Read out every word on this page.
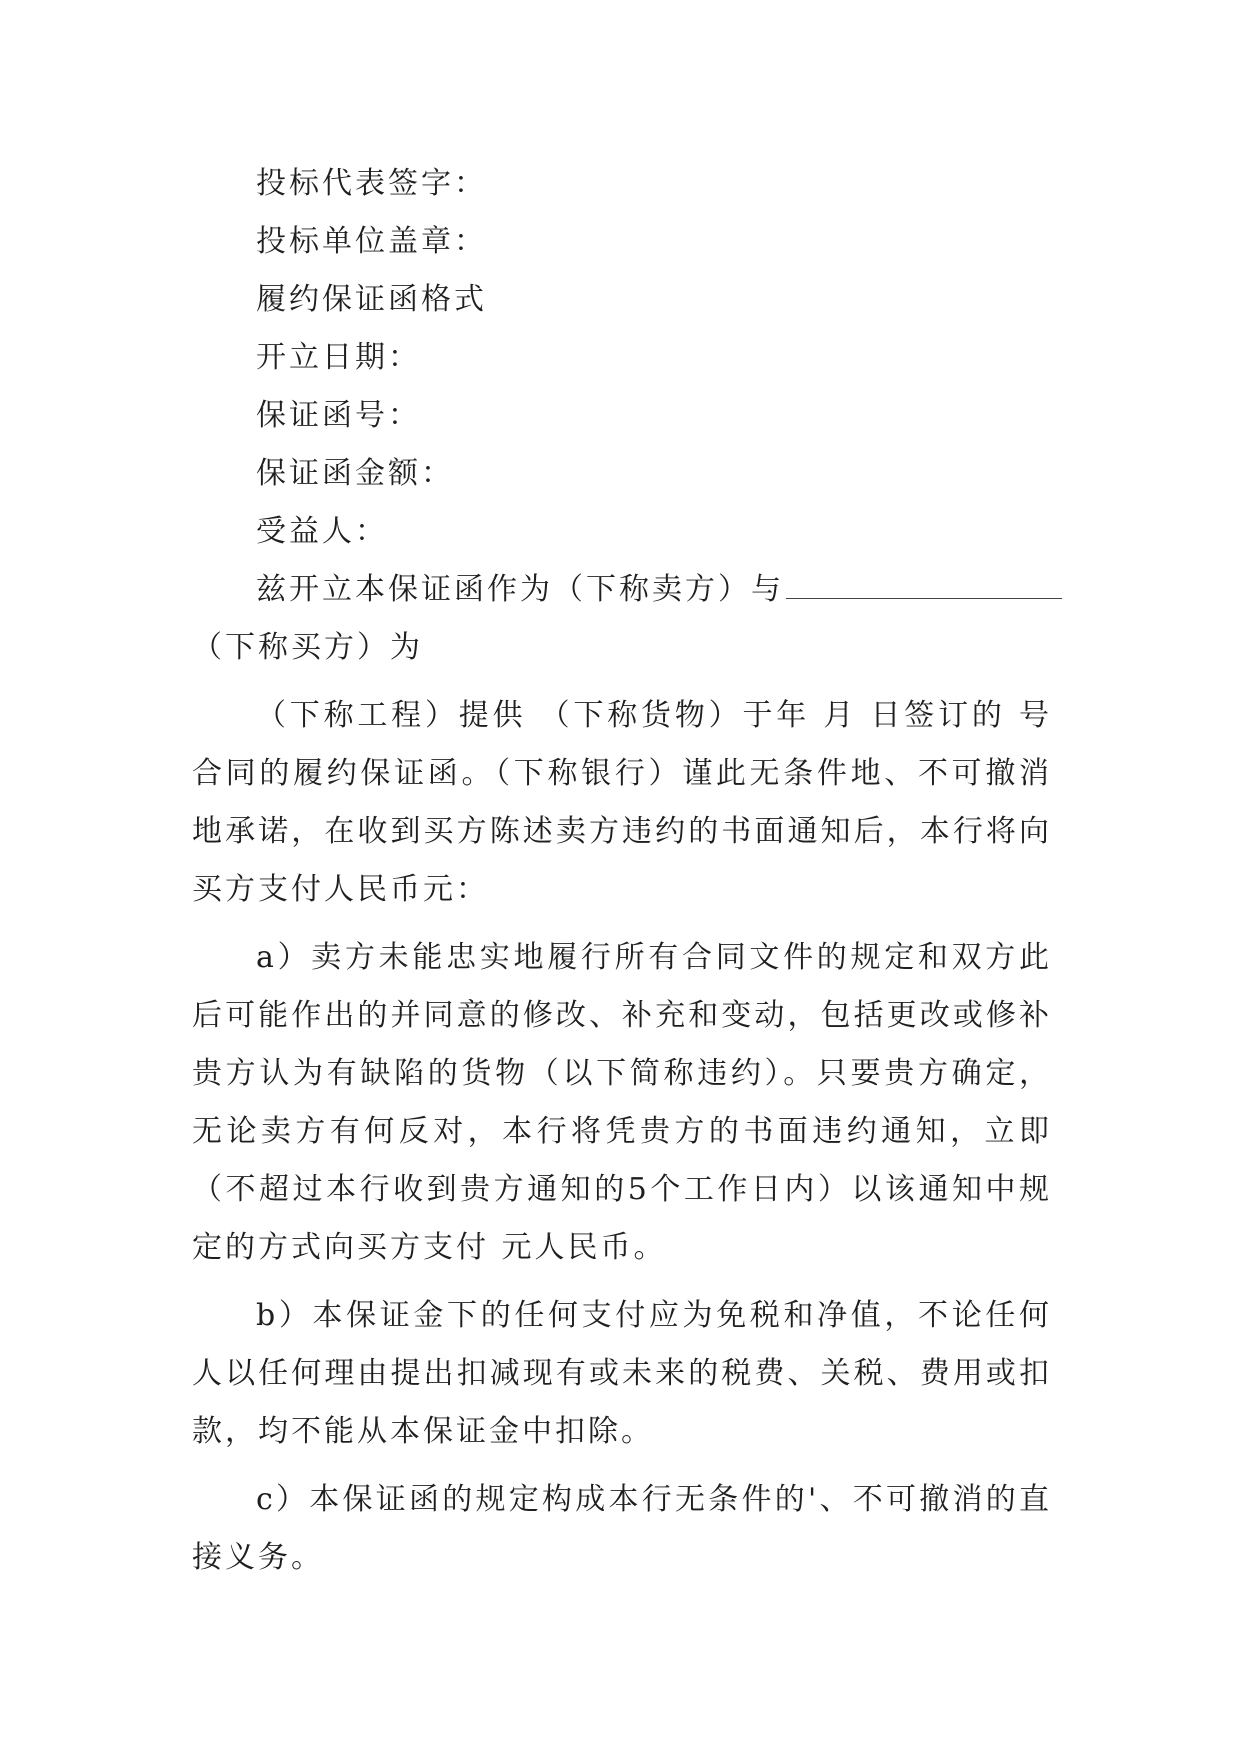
投标代表签字：
投标单位盖章：
履约保证函格式
开立日期：
保证函号：
保证函金额：
受益人：
兹开立本保证函作为（下称卖方）与
（下称买方）为

（下称工程）提供 （下称货物）于年 月 日签订的 号合同的履约保证函。（下称银行）谨此无条件地、不可撤消地承诺，在收到买方陈述卖方违约的书面通知后，本行将向买方支付人民币元：

a）卖方未能忠实地履行所有合同文件的规定和双方此后可能作出的并同意的修改、补充和变动，包括更改或修补贵方认为有缺陷的货物（以下简称违约）。只要贵方确定，无论卖方有何反对，本行将凭贵方的书面违约通知，立即（不超过本行收到贵方通知的5个工作日内）以该通知中规定的方式向买方支付 元人民币。

b）本保证金下的任何支付应为免税和净值，不论任何人以任何理由提出扣减现有或未来的税费、关税、费用或扣款，均不能从本保证金中扣除。

c）本保证函的规定构成本行无条件的'、不可撤消的直接义务。
